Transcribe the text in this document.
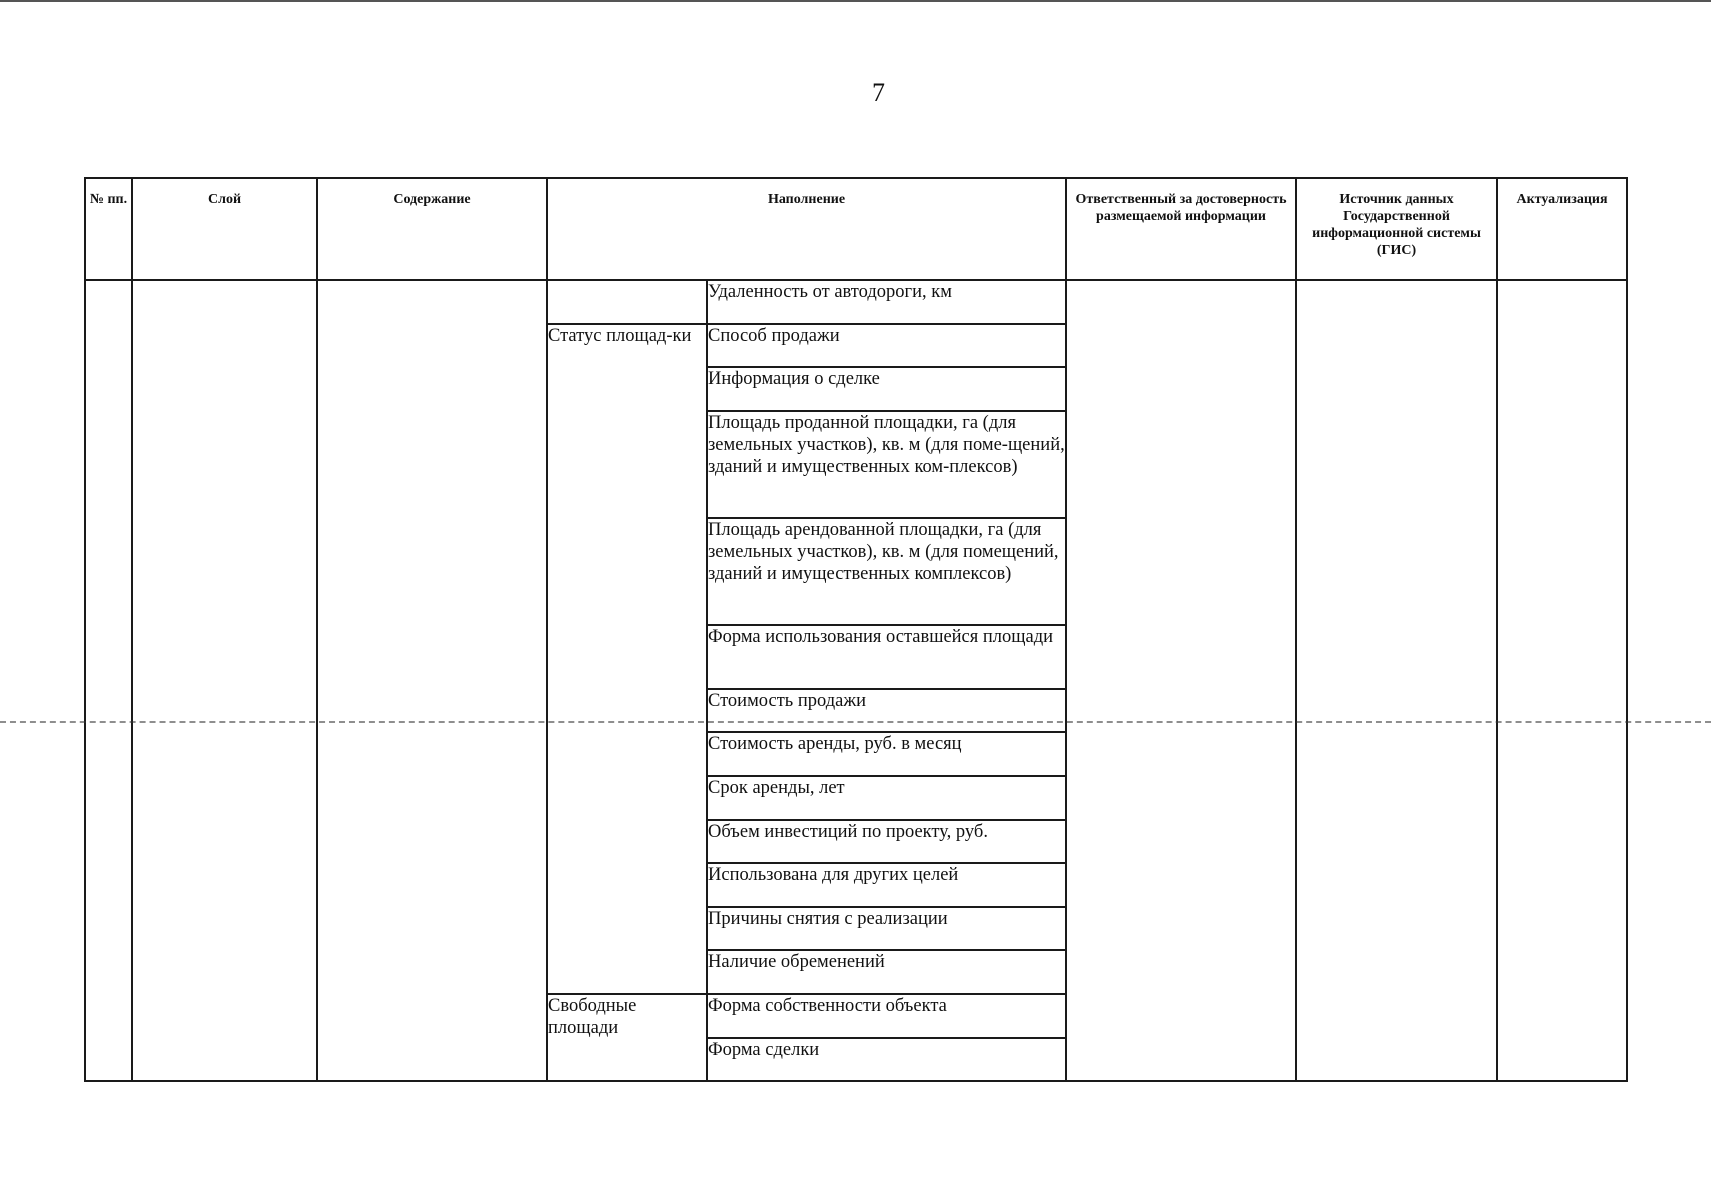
7
№ пп.	Слой	Содержание	Наполнение		Ответственный за достоверность размещаемой информации	Источник данных Государственной информационной системы (ГИС)	Актуализация
				Удаленность от автодороги, км			
			Статус площад-ки	Способ продажи			
				Информация о сделке			
				Площадь проданной площадки, га (для земельных участков), кв. м (для поме-щений, зданий и имущественных ком-плексов)			
				Площадь арендованной площадки, га (для земельных участков), кв. м (для помещений, зданий и имущественных комплексов)			
				Форма использования оставшейся площади			
				Стоимость продажи			
				Стоимость аренды, руб. в месяц			
				Срок аренды, лет			
				Объем инвестиций по проекту, руб.			
				Использована для других целей			
				Причины снятия с реализации			
				Наличие обременений			
			Свободные площади	Форма собственности объекта			
				Форма сделки			
